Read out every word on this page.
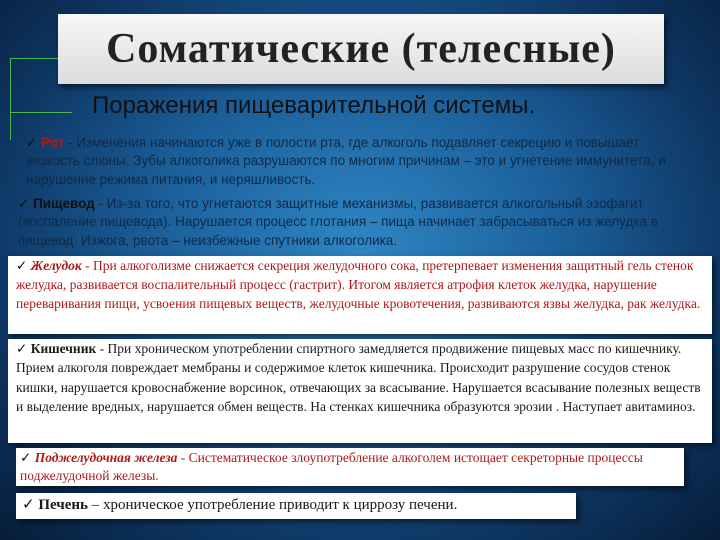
Соматические (телесные)

Поражения пищеварительной системы.

✓ Рот - Изменения начинаются уже в полости рта, где алкоголь подавляет секрецию и повышает вязкость слюны. Зубы алкоголика разрушаются по многим причинам – это и угнетение иммунитета, и нарушение режима питания, и неряшливость.

✓ Пищевод - Из-за того, что угнетаются защитные механизмы, развивается алкогольный эзофагит (воспаление пищевода). Нарушается процесс глотания – пища начинает забрасываться из желудка в пищевод. Изжога, рвота – неизбежные спутники алкоголика.

✓ Желудок - При алкоголизме снижается секреция желудочного сока, претерпевает изменения защитный гель стенок желудка, развивается воспалительный процесс (гастрит). Итогом является атрофия клеток желудка, нарушение переваривания пищи, усвоения пищевых веществ, желудочные кровотечения, развиваются язвы желудка, рак желудка.

✓ Кишечник - При хроническом употреблении спиртного замедляется продвижение пищевых масс по кишечнику. Прием алкоголя повреждает мембраны и содержимое клеток кишечника. Происходит разрушение сосудов стенок кишки, нарушается кровоснабжение ворсинок, отвечающих за всасывание. Нарушается всасывание полезных веществ и выделение вредных, нарушается обмен веществ. На стенках кишечника образуются эрозии . Наступает авитаминоз.

✓ Поджелудочная железа - Систематическое злоупотребление алкоголем истощает секреторные процессы поджелудочной железы.

✓ Печень – хроническое употребление приводит к циррозу печени.
